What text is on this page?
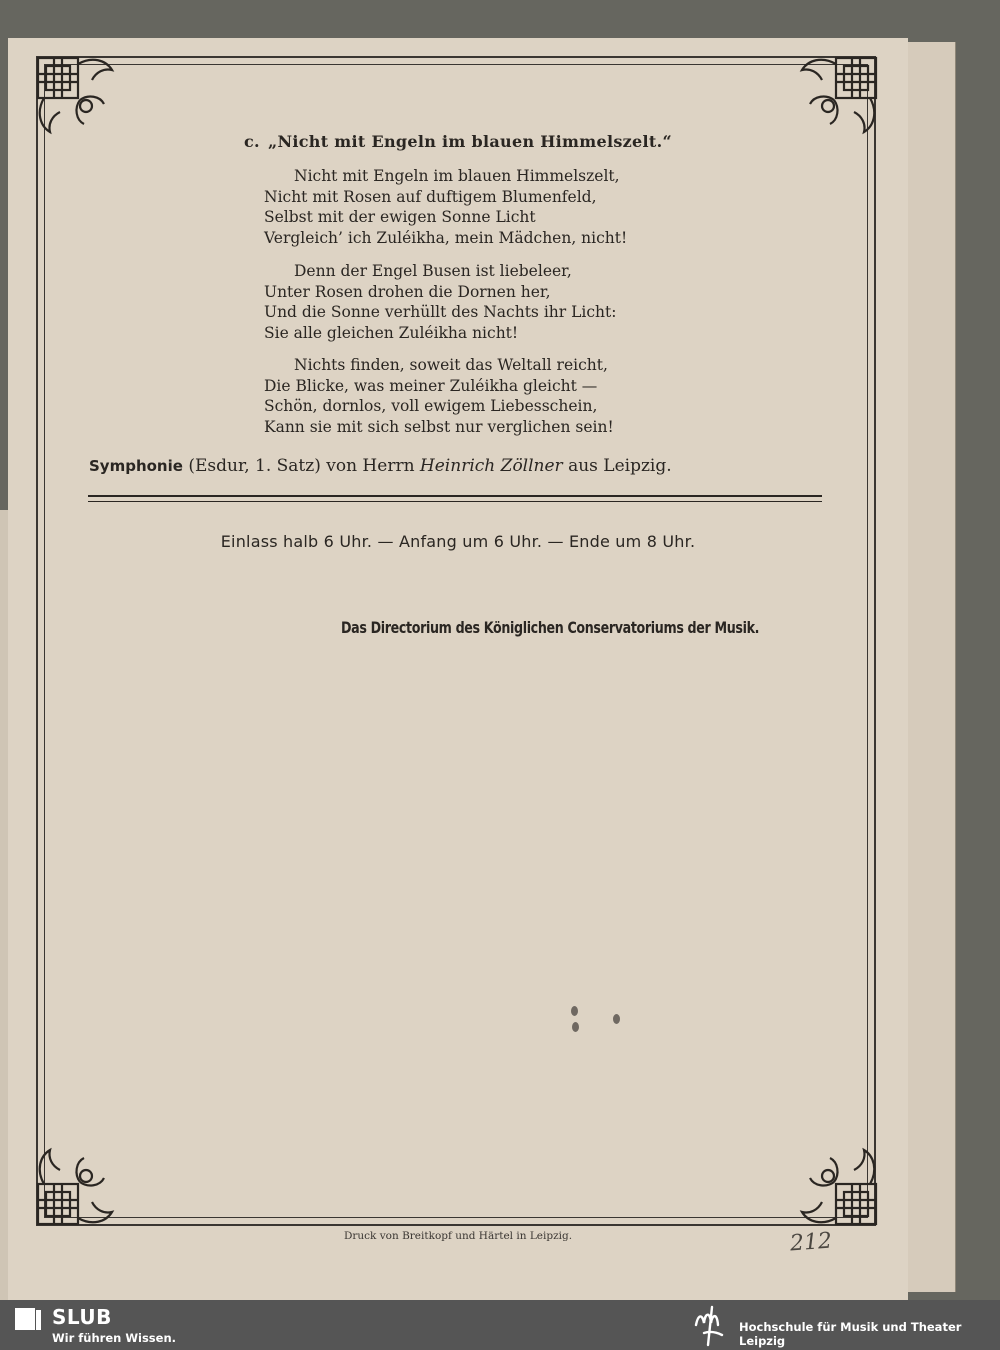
c. „Nicht mit Engeln im blauen Himmelszelt.“
Nicht mit Engeln im blauen Himmelszelt,
Nicht mit Rosen auf duftigem Blumenfeld,
Selbst mit der ewigen Sonne Licht
Vergleich’ ich Zuléikha, mein Mädchen, nicht!
Denn der Engel Busen ist liebeleer,
Unter Rosen drohen die Dornen her,
Und die Sonne verhüllt des Nachts ihr Licht:
Sie alle gleichen Zuléikha nicht!
Nichts finden, soweit das Weltall reicht,
Die Blicke, was meiner Zuléikha gleicht —
Schön, dornlos, voll ewigem Liebesschein,
Kann sie mit sich selbst nur verglichen sein!
Symphonie (Esdur, 1. Satz) von Herrn Heinrich Zöllner aus Leipzig.
Einlass halb 6 Uhr. — Anfang um 6 Uhr. — Ende um 8 Uhr.
Das Directorium des Königlichen Conservatoriums der Musik.
Druck von Breitkopf und Härtel in Leipzig.	212
SLUB
Wir führen Wissen.
Hochschule für Musik und Theater Leipzig
